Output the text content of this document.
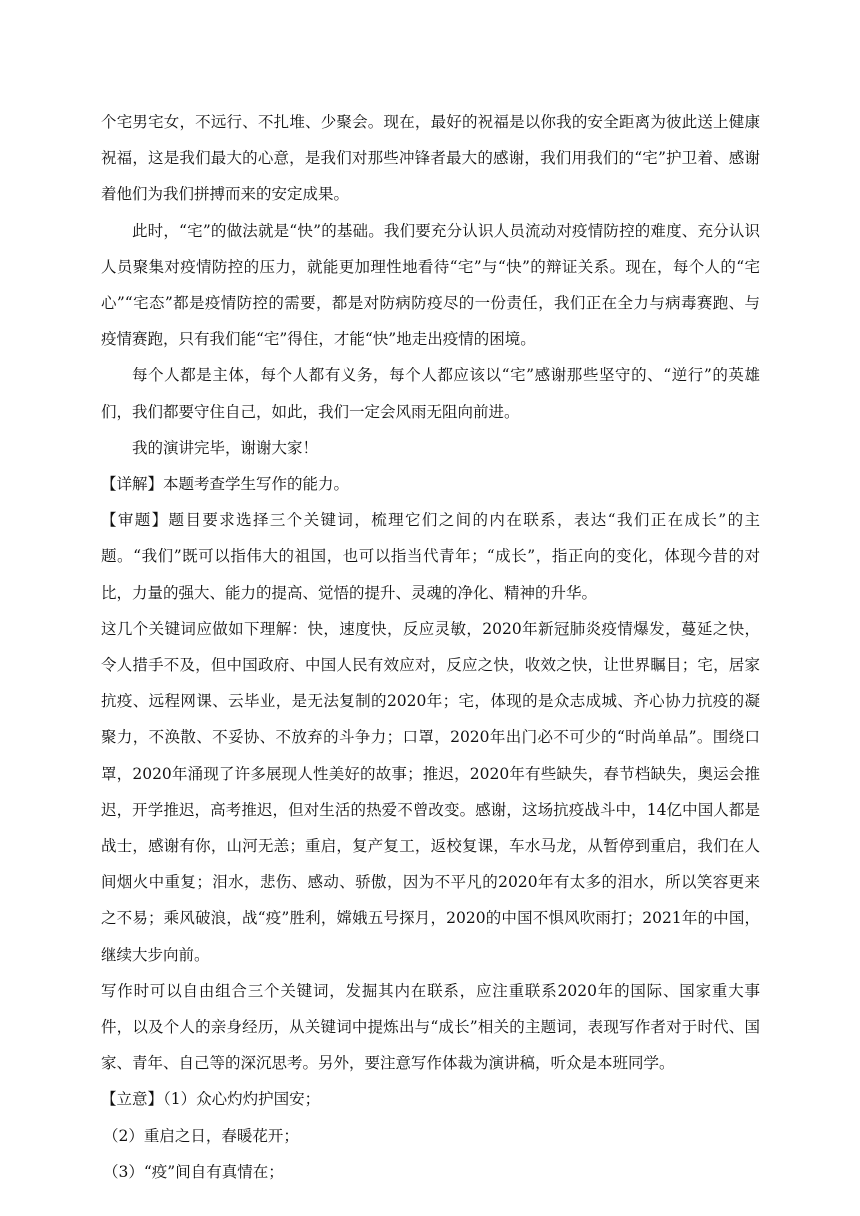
个宅男宅女，不远行、不扎堆、少聚会。现在，最好的祝福是以你我的安全距离为彼此送上健康祝福，这是我们最大的心意，是我们对那些冲锋者最大的感谢，我们用我们的“宅”护卫着、感谢着他们为我们拼搏而来的安定成果。

此时，“宅”的做法就是“快”的基础。我们要充分认识人员流动对疫情防控的难度、充分认识人员聚集对疫情防控的压力，就能更加理性地看待“宅”与“快”的辩证关系。现在，每个人的“宅心”“宅态”都是疫情防控的需要，都是对防病防疫尽的一份责任，我们正在全力与病毒赛跑、与疫情赛跑，只有我们能“宅”得住，才能“快”地走出疫情的困境。

每个人都是主体，每个人都有义务，每个人都应该以“宅”感谢那些坚守的、“逆行”的英雄们，我们都要守住自己，如此，我们一定会风雨无阻向前进。

我的演讲完毕，谢谢大家！

【详解】本题考查学生写作的能力。

【审题】题目要求选择三个关键词，梳理它们之间的内在联系，表达“我们正在成长”的主题。“我们”既可以指伟大的祖国，也可以指当代青年；“成长”，指正向的变化，体现今昔的对比，力量的强大、能力的提高、觉悟的提升、灵魂的净化、精神的升华。

这几个关键词应做如下理解：快，速度快，反应灵敏，2020年新冠肺炎疫情爆发，蔓延之快，令人措手不及，但中国政府、中国人民有效应对，反应之快，收效之快，让世界瞩目；宅，居家抗疫、远程网课、云毕业，是无法复制的2020年；宅，体现的是众志成城、齐心协力抗疫的凝聚力，不涣散、不妥协、不放弃的斗争力；口罩，2020年出门必不可少的“时尚单品”。围绕口罩，2020年涌现了许多展现人性美好的故事；推迟，2020年有些缺失，春节档缺失，奥运会推迟，开学推迟，高考推迟，但对生活的热爱不曾改变。感谢，这场抗疫战斗中，14亿中国人都是战士，感谢有你，山河无恙；重启，复产复工，返校复课，车水马龙，从暂停到重启，我们在人间烟火中重复；泪水，悲伤、感动、骄傲，因为不平凡的2020年有太多的泪水，所以笑容更来之不易；乘风破浪，战“疫”胜利，嫦娥五号探月，2020的中国不惧风吹雨打；2021年的中国，继续大步向前。

写作时可以自由组合三个关键词，发掘其内在联系，应注重联系2020年的国际、国家重大事件，以及个人的亲身经历，从关键词中提炼出与“成长”相关的主题词，表现写作者对于时代、国家、青年、自己等的深沉思考。另外，要注意写作体裁为演讲稿，听众是本班同学。

【立意】（1）众心灼灼护国安；

（2）重启之日，春暖花开；

（3）“疫”间自有真情在；
